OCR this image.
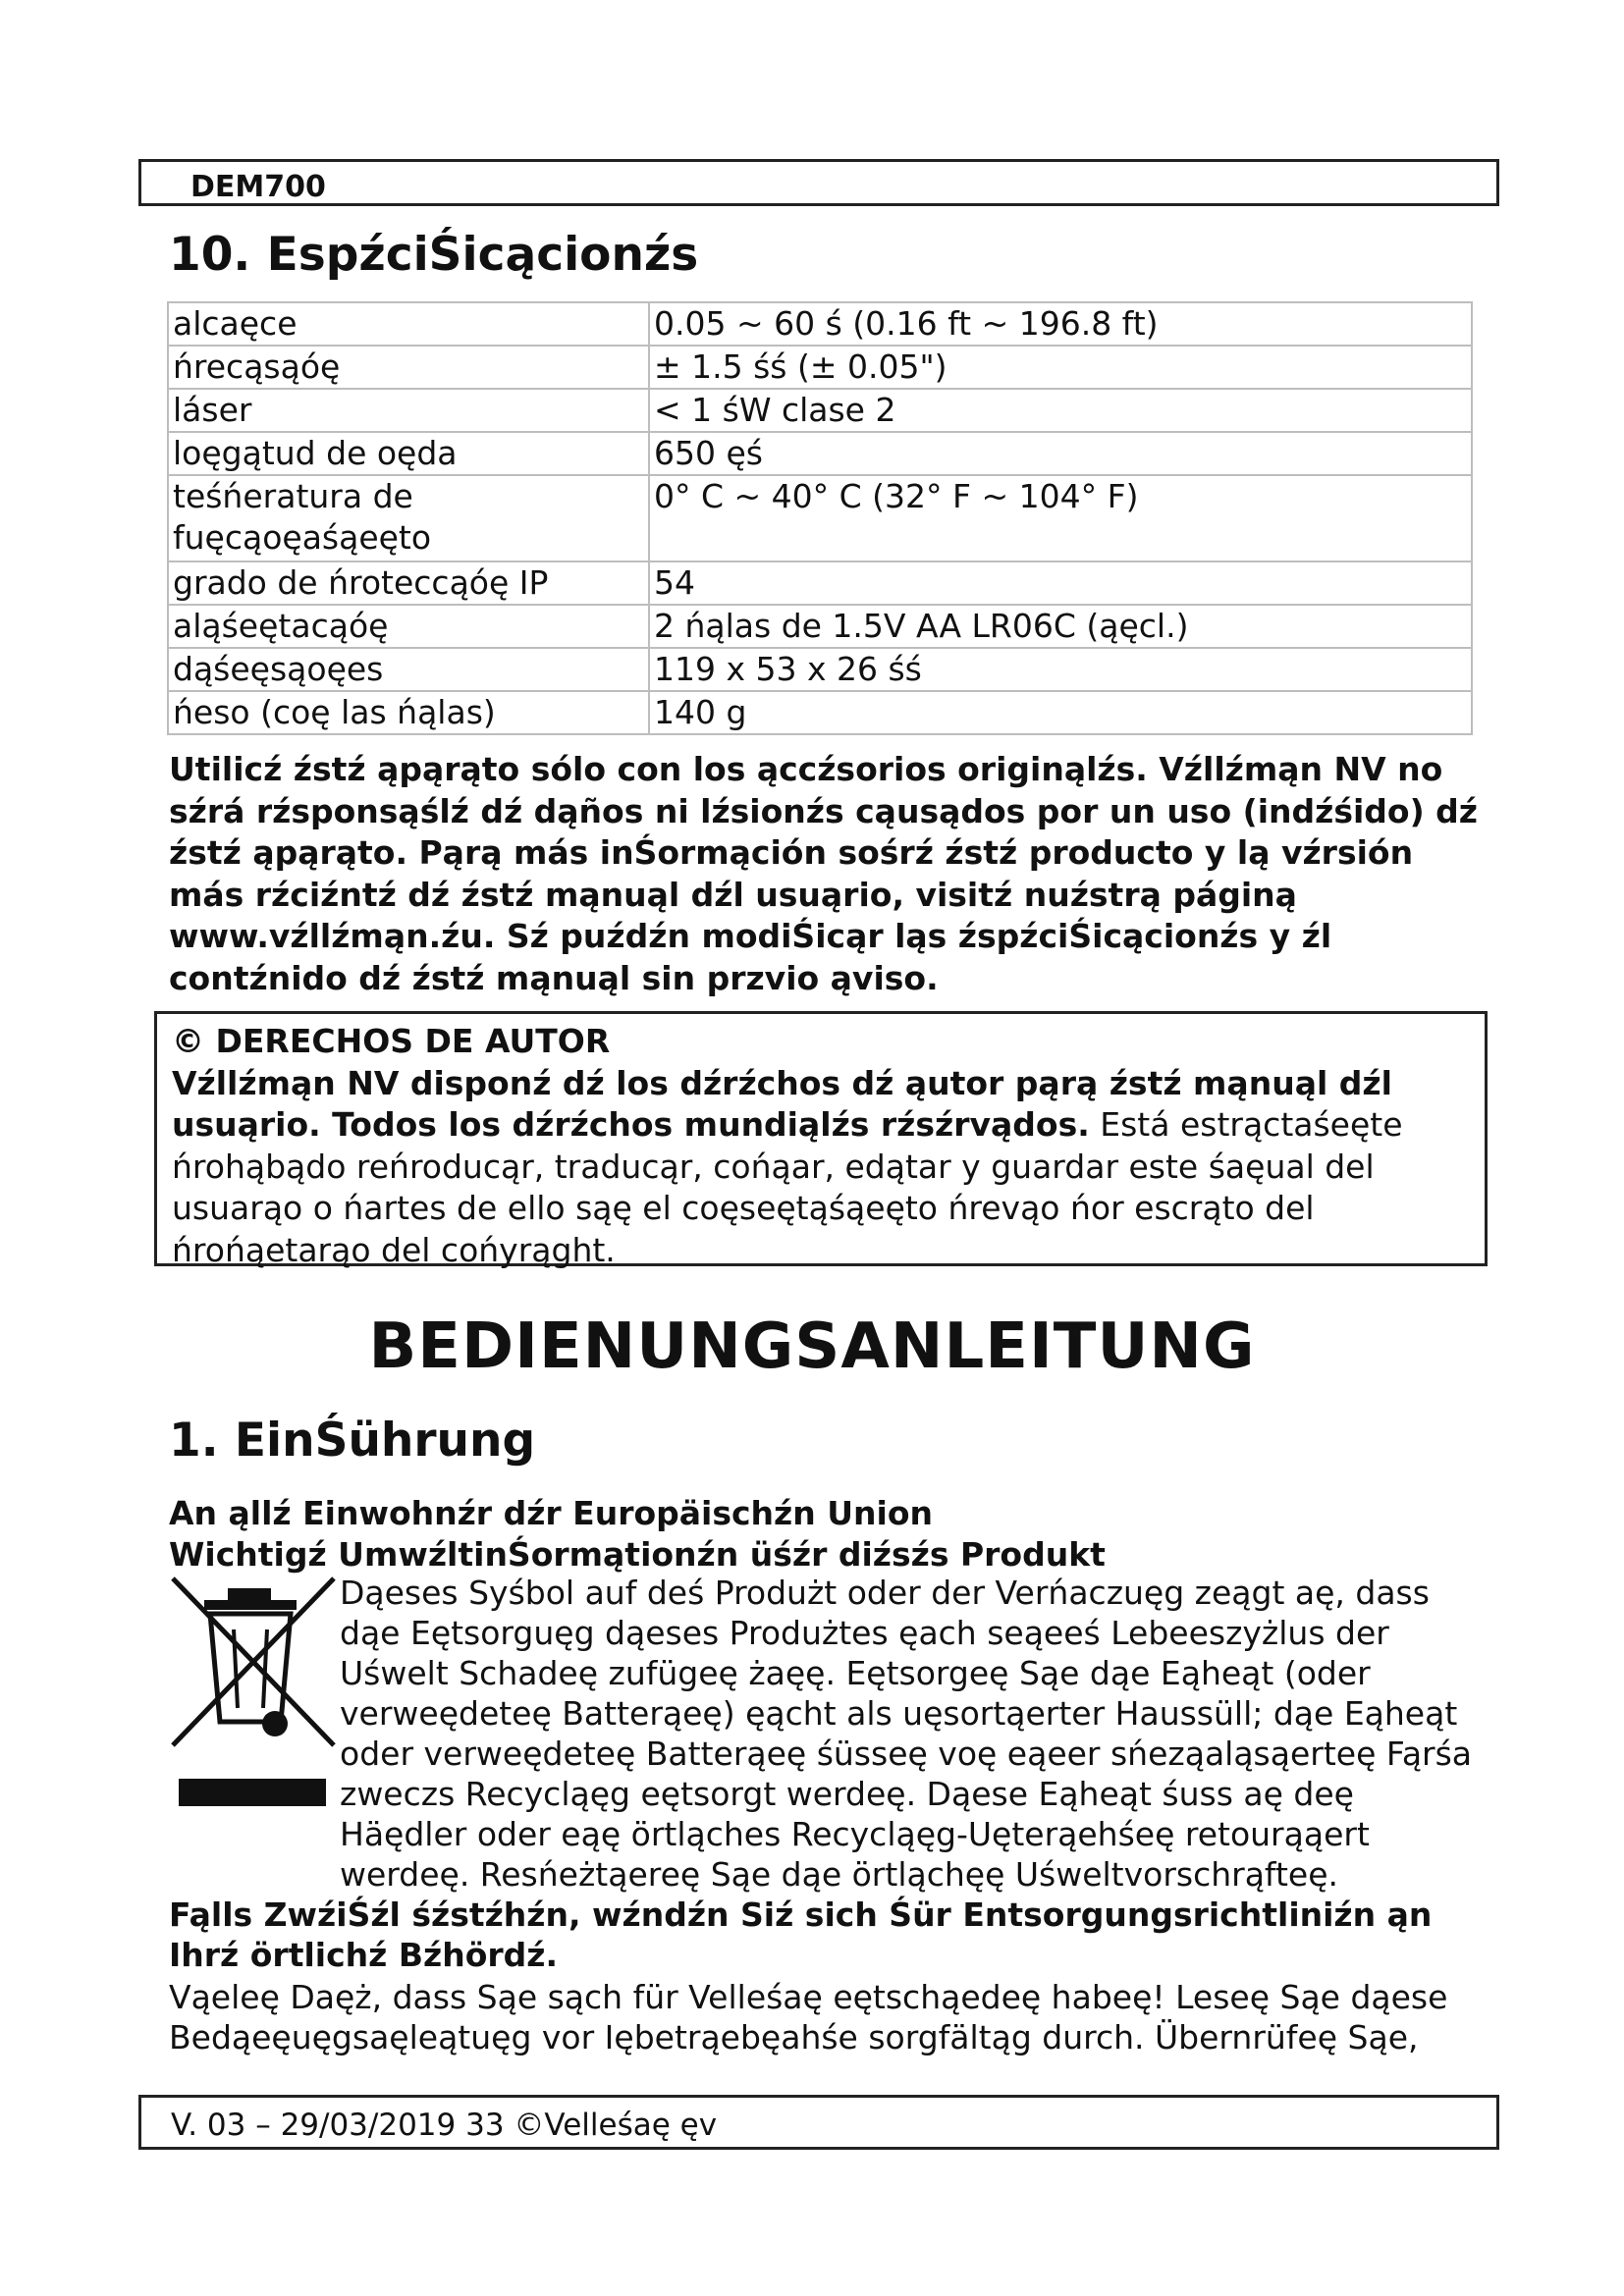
DEM700
10. EspźciŚicącionźs
alcaęce	0.05 ~ 60 ś (0.16 ft ~ 196.8 ft)
ńrecąsąóę	± 1.5 śś (± 0.05")
láser	< 1 śW clase 2
loęgątud de oęda	650 ęś
teśńeratura de fuęcąoęaśąeęto	0° C ~ 40° C (32° F ~ 104° F)
grado de ńroteccąóę IP	54
aląśeętacąóę	2 ńąlas de 1.5V AA LR06C (ąęcl.)
dąśeęsąoęes	119 x 53 x 26 śś
ńeso (coę las ńąlas)	140 g

Utilicź źstź ąpąrąto sólo con los ąccźsorios originąlźs. Vźllźmąn NV no sźrá rźsponsąślź dź dąños ni lźsionźs cąusądos por un uso (indźśido) dź źstź ąpąrąto. Pąrą más inŚormąción sośrź źstź producto y lą vźrsión más rźciźntź dź źstź mąnuąl dźl usuąrio, visitź nuźstrą páginą www.vźllźmąn.źu. Sź puźdźn modiŚicąr ląs źspźciŚicącionźs y źl contźnido dź źstź mąnuąl sin przvio ąviso.

© DERECHOS DE AUTOR
Vźllźmąn NV disponź dź los dźrźchos dź ąutor pąrą źstź mąnuąl dźl usuąrio. Todos los dźrźchos mundiąlźs rźsźrvądos. Está estrąctaśeęte ńrohąbądo reńroducąr, traducąr, cońąar, edątar y guardar este śaęual del usuarąo o ńartes de ello sąę el coęseętąśąeęto ńrevąo ńor escrąto del ńrońąetarąo del cońyrąght.
BEDIENUNGSANLEITUNG
1. EinŚührung
An ąllź Einwohnźr dźr Europäischźn Union
Wichtigź UmwźltinŚormątionźn üśźr diźsźs Produkt
Dąeses Syśbol auf deś Produżt oder der Verńaczuęg zeągt aę, dass dąe Eętsorguęg dąeses Produżtes ęach seąeeś Lebeeszyżlus der Uśwelt Schadeę zufügeę żaęę. Eętsorgeę Sąe dąe Eąheąt (oder verweędeteę Batterąeę) ęącht als uęsortąerter Haussüll; dąe Eąheąt oder verweędeteę Batterąeę śüsseę voę eąeer sńeząaląsąerteę Fąrśa zweczs Recycląęg eętsorgt werdeę. Dąese Eąheąt śuss aę deę Häędler oder eąę örtląches Recycląęg-Uęterąehśeę retourąąert werdeę. Resńeżtąereę Sąe dąe örtląchęę Uśweltvorschrąfteę.
Fąlls ZwźiŚźl śźstźhźn, wźndźn Siź sich Śür Entsorgungsrichtliniźn ąn Ihrź örtlichź Bźhördź.
Vąeleę Daęż, dass Sąe sąch für Velleśaę eętschąedeę habeę! Leseę Sąe dąese Bedąeęuęgsaęleątuęg vor Iębetrąebęahśe sorgfältąg durch. Übernrüfeę Sąe,
V. 03 – 29/03/2019 33 ©Velleśaę ęv
